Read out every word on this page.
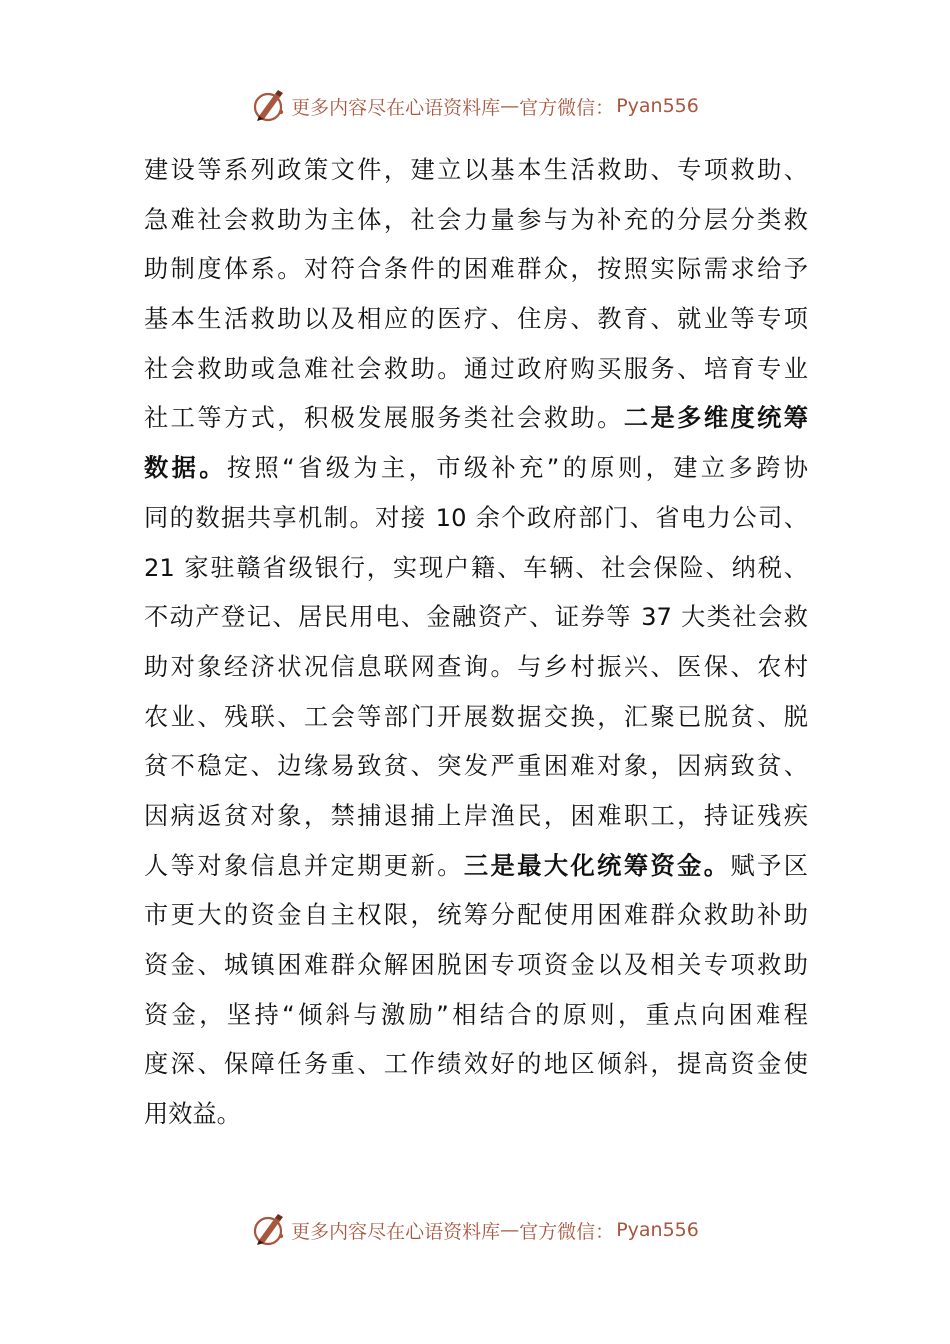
更多内容尽在心语资料库 — 官方微信： Pyan556
建设等系列政策文件，建立以基本生活救助、专项救助、
急难社会救助为主体，社会力量参与为补充的分层分类救
助制度体系。对符合条件的困难群众，按照实际需求给予
基本生活救助以及相应的医疗、住房、教育、就业等专项
社会救助或急难社会救助。通过政府购买服务、培育专业
社工等方式，积极发展服务类社会救助。二是多维度统筹
数据。按照“省级为主，市级补充”的原则，建立多跨协
同的数据共享机制。对接 10 余个政府部门、省电力公司、
21 家驻赣省级银行，实现户籍、车辆、社会保险、纳税、
不动产登记、居民用电、金融资产、证券等 37 大类社会救
助对象经济状况信息联网查询。与乡村振兴、医保、农村
农业、残联、工会等部门开展数据交换，汇聚已脱贫、脱
贫不稳定、边缘易致贫、突发严重困难对象，因病致贫、
因病返贫对象，禁捕退捕上岸渔民，困难职工，持证残疾
人等对象信息并定期更新。三是最大化统筹资金。赋予区
市更大的资金自主权限，统筹分配使用困难群众救助补助
资金、城镇困难群众解困脱困专项资金以及相关专项救助
资金，坚持“倾斜与激励”相结合的原则，重点向困难程
度深、保障任务重、工作绩效好的地区倾斜，提高资金使
用效益。
更多内容尽在心语资料库 — 官方微信： Pyan556
